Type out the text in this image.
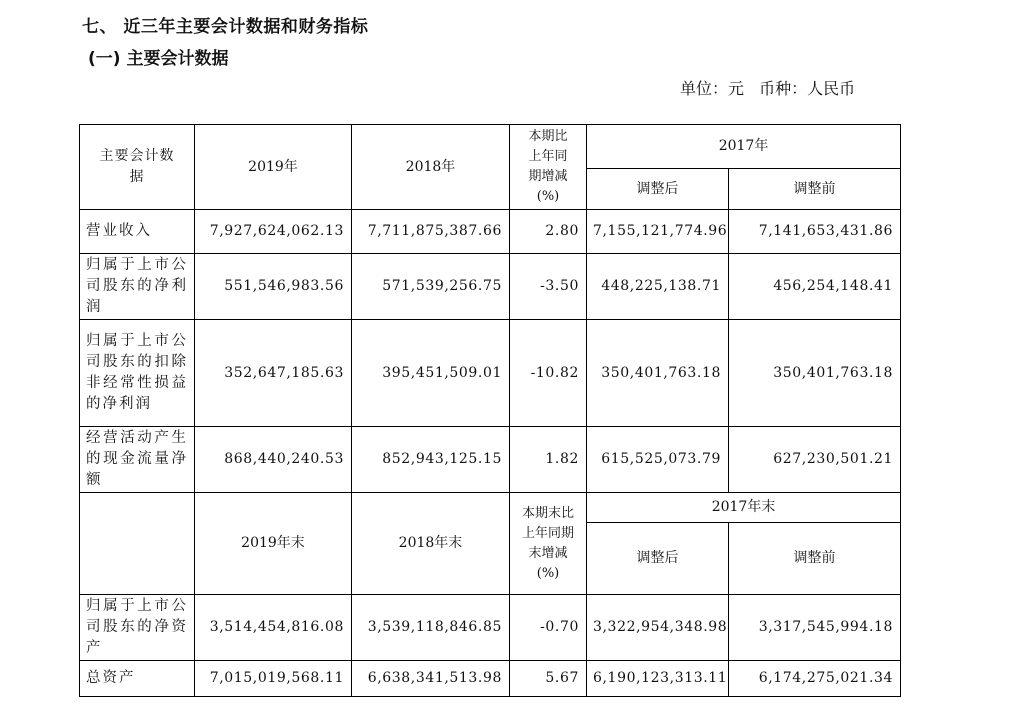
七、 近三年主要会计数据和财务指标
(一) 主要会计数据
单位：元 币种：人民币
主要会计数据	2019年	2018年	本期比上年同期增减(%)	2017年	
				调整后	调整前
营业收入	7,927,624,062.13	7,711,875,387.66	2.80	7,155,121,774.96	7,141,653,431.86
归属于上市公司股东的净利润	551,546,983.56	571,539,256.75	-3.50	448,225,138.71	456,254,148.41
归属于上市公司股东的扣除非经常性损益的净利润	352,647,185.63	395,451,509.01	-10.82	350,401,763.18	350,401,763.18
经营活动产生的现金流量净额	868,440,240.53	852,943,125.15	1.82	615,525,073.79	627,230,501.21
	2019年末	2018年末	本期末比上年同期末增减(%)	2017年末	
				调整后	调整前
归属于上市公司股东的净资产	3,514,454,816.08	3,539,118,846.85	-0.70	3,322,954,348.98	3,317,545,994.18
总资产	7,015,019,568.11	6,638,341,513.98	5.67	6,190,123,313.11	6,174,275,021.34
